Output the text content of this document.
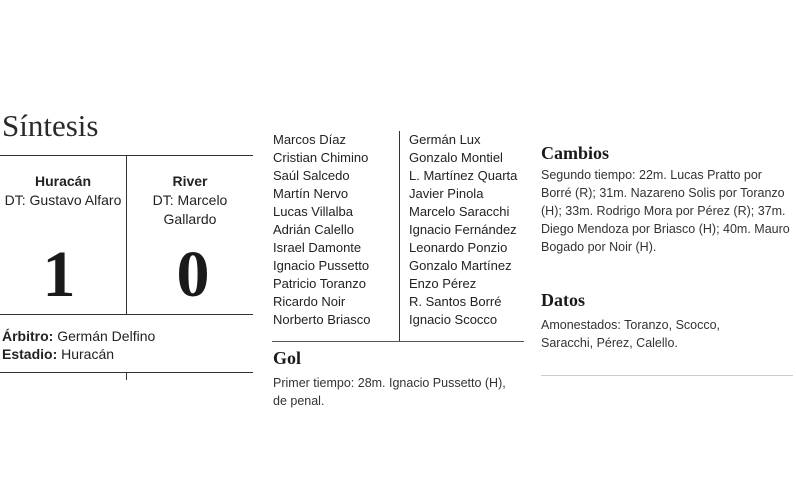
Síntesis
Huracán
DT: Gustavo Alfaro
River
DT: Marcelo Gallardo
1	0
Árbitro: Germán Delfino
Estadio: Huracán
Marcos Díaz
Cristian Chimino
Saúl Salcedo
Martín Nervo
Lucas Villalba
Adrián Calello
Israel Damonte
Ignacio Pussetto
Patricio Toranzo
Ricardo Noir
Norberto Briasco
Germán Lux
Gonzalo Montiel
L. Martínez Quarta
Javier Pinola
Marcelo Saracchi
Ignacio Fernández
Leonardo Ponzio
Gonzalo Martínez
Enzo Pérez
R. Santos Borré
Ignacio Scocco
Gol
Primer tiempo: 28m. Ignacio Pussetto (H), de penal.
Cambios
Segundo tiempo: 22m. Lucas Pratto por Borré (R); 31m. Nazareno Solis por Toranzo (H); 33m. Rodrigo Mora por Pérez (R); 37m. Diego Mendoza por Briasco (H); 40m. Mauro Bogado por Noir (H).
Datos
Amonestados: Toranzo, Scocco, Saracchi, Pérez, Calello.
